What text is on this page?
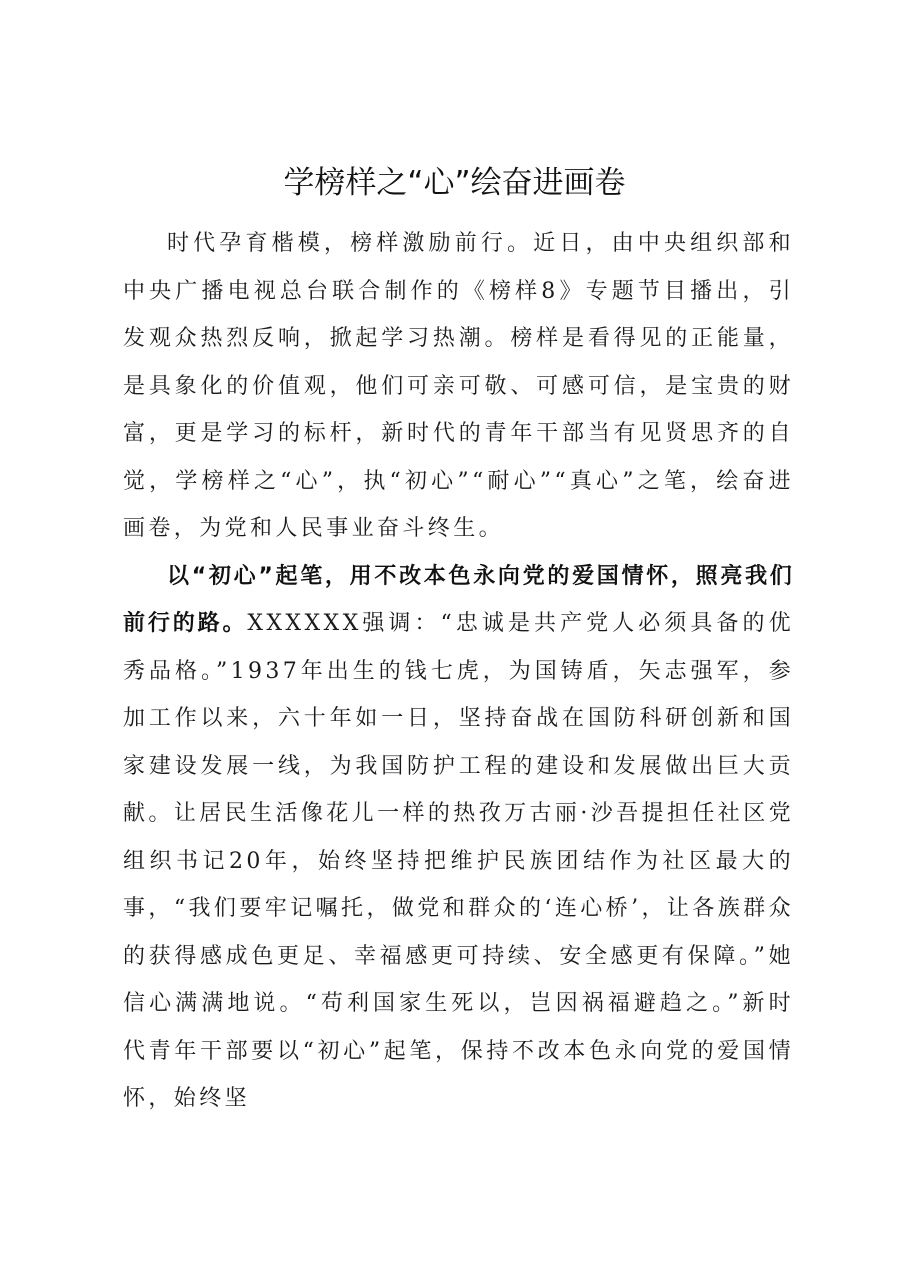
学榜样之“心”绘奋进画卷

时代孕育楷模，榜样激励前行。近日，由中央组织部和中央广播电视总台联合制作的《榜样8》专题节目播出，引发观众热烈反响，掀起学习热潮。榜样是看得见的正能量，是具象化的价值观，他们可亲可敬、可感可信，是宝贵的财富，更是学习的标杆，新时代的青年干部当有见贤思齐的自觉，学榜样之“心”，执“初心”“耐心”“真心”之笔，绘奋进画卷，为党和人民事业奋斗终生。

以“初心”起笔，用不改本色永向党的爱国情怀，照亮我们前行的路。XXXXXX强调：“忠诚是共产党人必须具备的优秀品格。”1937年出生的钱七虎，为国铸盾，矢志强军，参加工作以来，六十年如一日，坚持奋战在国防科研创新和国家建设发展一线，为我国防护工程的建设和发展做出巨大贡献。让居民生活像花儿一样的热孜万古丽·沙吾提担任社区党组织书记20年，始终坚持把维护民族团结作为社区最大的事，“我们要牢记嘱托，做党和群众的‘连心桥’，让各族群众的获得感成色更足、幸福感更可持续、安全感更有保障。”她信心满满地说。“苟利国家生死以，岂因祸福避趋之。”新时代青年干部要以“初心”起笔，保持不改本色永向党的爱国情怀，始终坚
